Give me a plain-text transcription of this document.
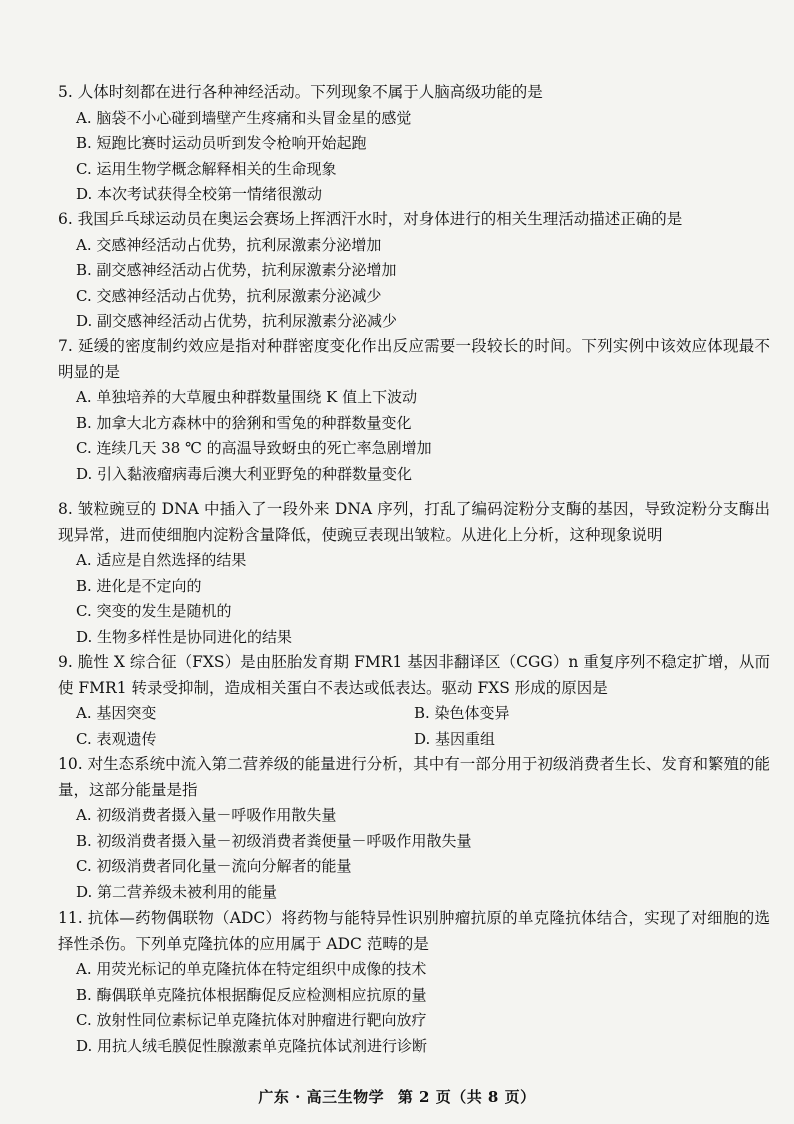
5. 人体时刻都在进行各种神经活动。下列现象不属于人脑高级功能的是
A. 脑袋不小心碰到墙壁产生疼痛和头冒金星的感觉
B. 短跑比赛时运动员听到发令枪响开始起跑
C. 运用生物学概念解释相关的生命现象
D. 本次考试获得全校第一情绪很激动
6. 我国乒乓球运动员在奥运会赛场上挥洒汗水时，对身体进行的相关生理活动描述正确的是
A. 交感神经活动占优势，抗利尿激素分泌增加
B. 副交感神经活动占优势，抗利尿激素分泌增加
C. 交感神经活动占优势，抗利尿激素分泌减少
D. 副交感神经活动占优势，抗利尿激素分泌减少
7. 延缓的密度制约效应是指对种群密度变化作出反应需要一段较长的时间。下列实例中该效应体现最不明显的是
A. 单独培养的大草履虫种群数量围绕 K 值上下波动
B. 加拿大北方森林中的猞猁和雪兔的种群数量变化
C. 连续几天 38 ℃ 的高温导致蚜虫的死亡率急剧增加
D. 引入黏液瘤病毒后澳大利亚野兔的种群数量变化
8. 皱粒豌豆的 DNA 中插入了一段外来 DNA 序列，打乱了编码淀粉分支酶的基因，导致淀粉分支酶出现异常，进而使细胞内淀粉含量降低，使豌豆表现出皱粒。从进化上分析，这种现象说明
A. 适应是自然选择的结果
B. 进化是不定向的
C. 突变的发生是随机的
D. 生物多样性是协同进化的结果
9. 脆性 X 综合征（FXS）是由胚胎发育期 FMR1 基因非翻译区（CGG）n 重复序列不稳定扩增，从而使 FMR1 转录受抑制，造成相关蛋白不表达或低表达。驱动 FXS 形成的原因是
A. 基因突变	B. 染色体变异
C. 表观遗传	D. 基因重组
10. 对生态系统中流入第二营养级的能量进行分析，其中有一部分用于初级消费者生长、发育和繁殖的能量，这部分能量是指
A. 初级消费者摄入量－呼吸作用散失量
B. 初级消费者摄入量－初级消费者粪便量－呼吸作用散失量
C. 初级消费者同化量－流向分解者的能量
D. 第二营养级未被利用的能量
11. 抗体—药物偶联物（ADC）将药物与能特异性识别肿瘤抗原的单克隆抗体结合，实现了对细胞的选择性杀伤。下列单克隆抗体的应用属于 ADC 范畴的是
A. 用荧光标记的单克隆抗体在特定组织中成像的技术
B. 酶偶联单克隆抗体根据酶促反应检测相应抗原的量
C. 放射性同位素标记单克隆抗体对肿瘤进行靶向放疗
D. 用抗人绒毛膜促性腺激素单克隆抗体试剂进行诊断
广东 · 高三生物学 第 2 页（共 8 页）
